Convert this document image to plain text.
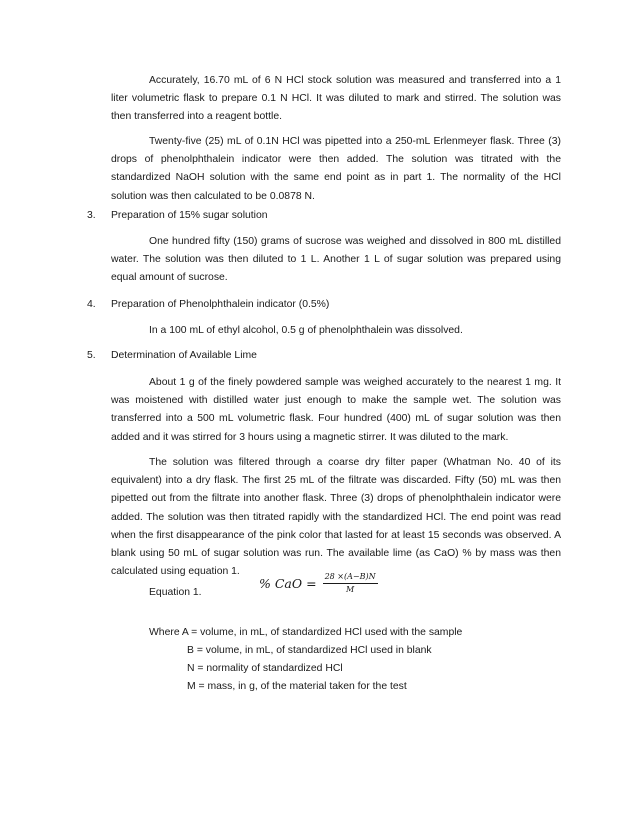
Accurately, 16.70 mL of 6 N HCl stock solution was measured and transferred into a 1 liter volumetric flask to prepare 0.1 N HCl. It was diluted to mark and stirred. The solution was then transferred into a reagent bottle.

Twenty-five (25) mL of 0.1N HCl was pipetted into a 250-mL Erlenmeyer flask. Three (3) drops of phenolphthalein indicator were then added. The solution was titrated with the standardized NaOH solution with the same end point as in part 1. The normality of the HCl solution was then calculated to be 0.0878 N.

3. Preparation of 15% sugar solution

One hundred fifty (150) grams of sucrose was weighed and dissolved in 800 mL distilled water. The solution was then diluted to 1 L. Another 1 L of sugar solution was prepared using equal amount of sucrose.

4. Preparation of Phenolphthalein indicator (0.5%)

In a 100 mL of ethyl alcohol, 0.5 g of phenolphthalein was dissolved.

5. Determination of Available Lime

About 1 g of the finely powdered sample was weighed accurately to the nearest 1 mg. It was moistened with distilled water just enough to make the sample wet. The solution was transferred into a 500 mL volumetric flask. Four hundred (400) mL of sugar solution was then added and it was stirred for 3 hours using a magnetic stirrer. It was diluted to the mark.

The solution was filtered through a coarse dry filter paper (Whatman No. 40 of its equivalent) into a dry flask. The first 25 mL of the filtrate was discarded. Fifty (50) mL was then pipetted out from the filtrate into another flask. Three (3) drops of phenolphthalein indicator were added. The solution was then titrated rapidly with the standardized HCl. The end point was read when the first disappearance of the pink color that lasted for at least 15 seconds was observed. A blank using 50 mL of sugar solution was run. The available lime (as CaO) % by mass was then calculated using equation 1.

Equation 1.
% CaO = $\frac{28 \times(A-B)N}{M}$

Where A = volume, in mL, of standardized HCl used with the sample

B = volume, in mL, of standardized HCl used in blank

N = normality of standardized HCl

M = mass, in g, of the material taken for the test
